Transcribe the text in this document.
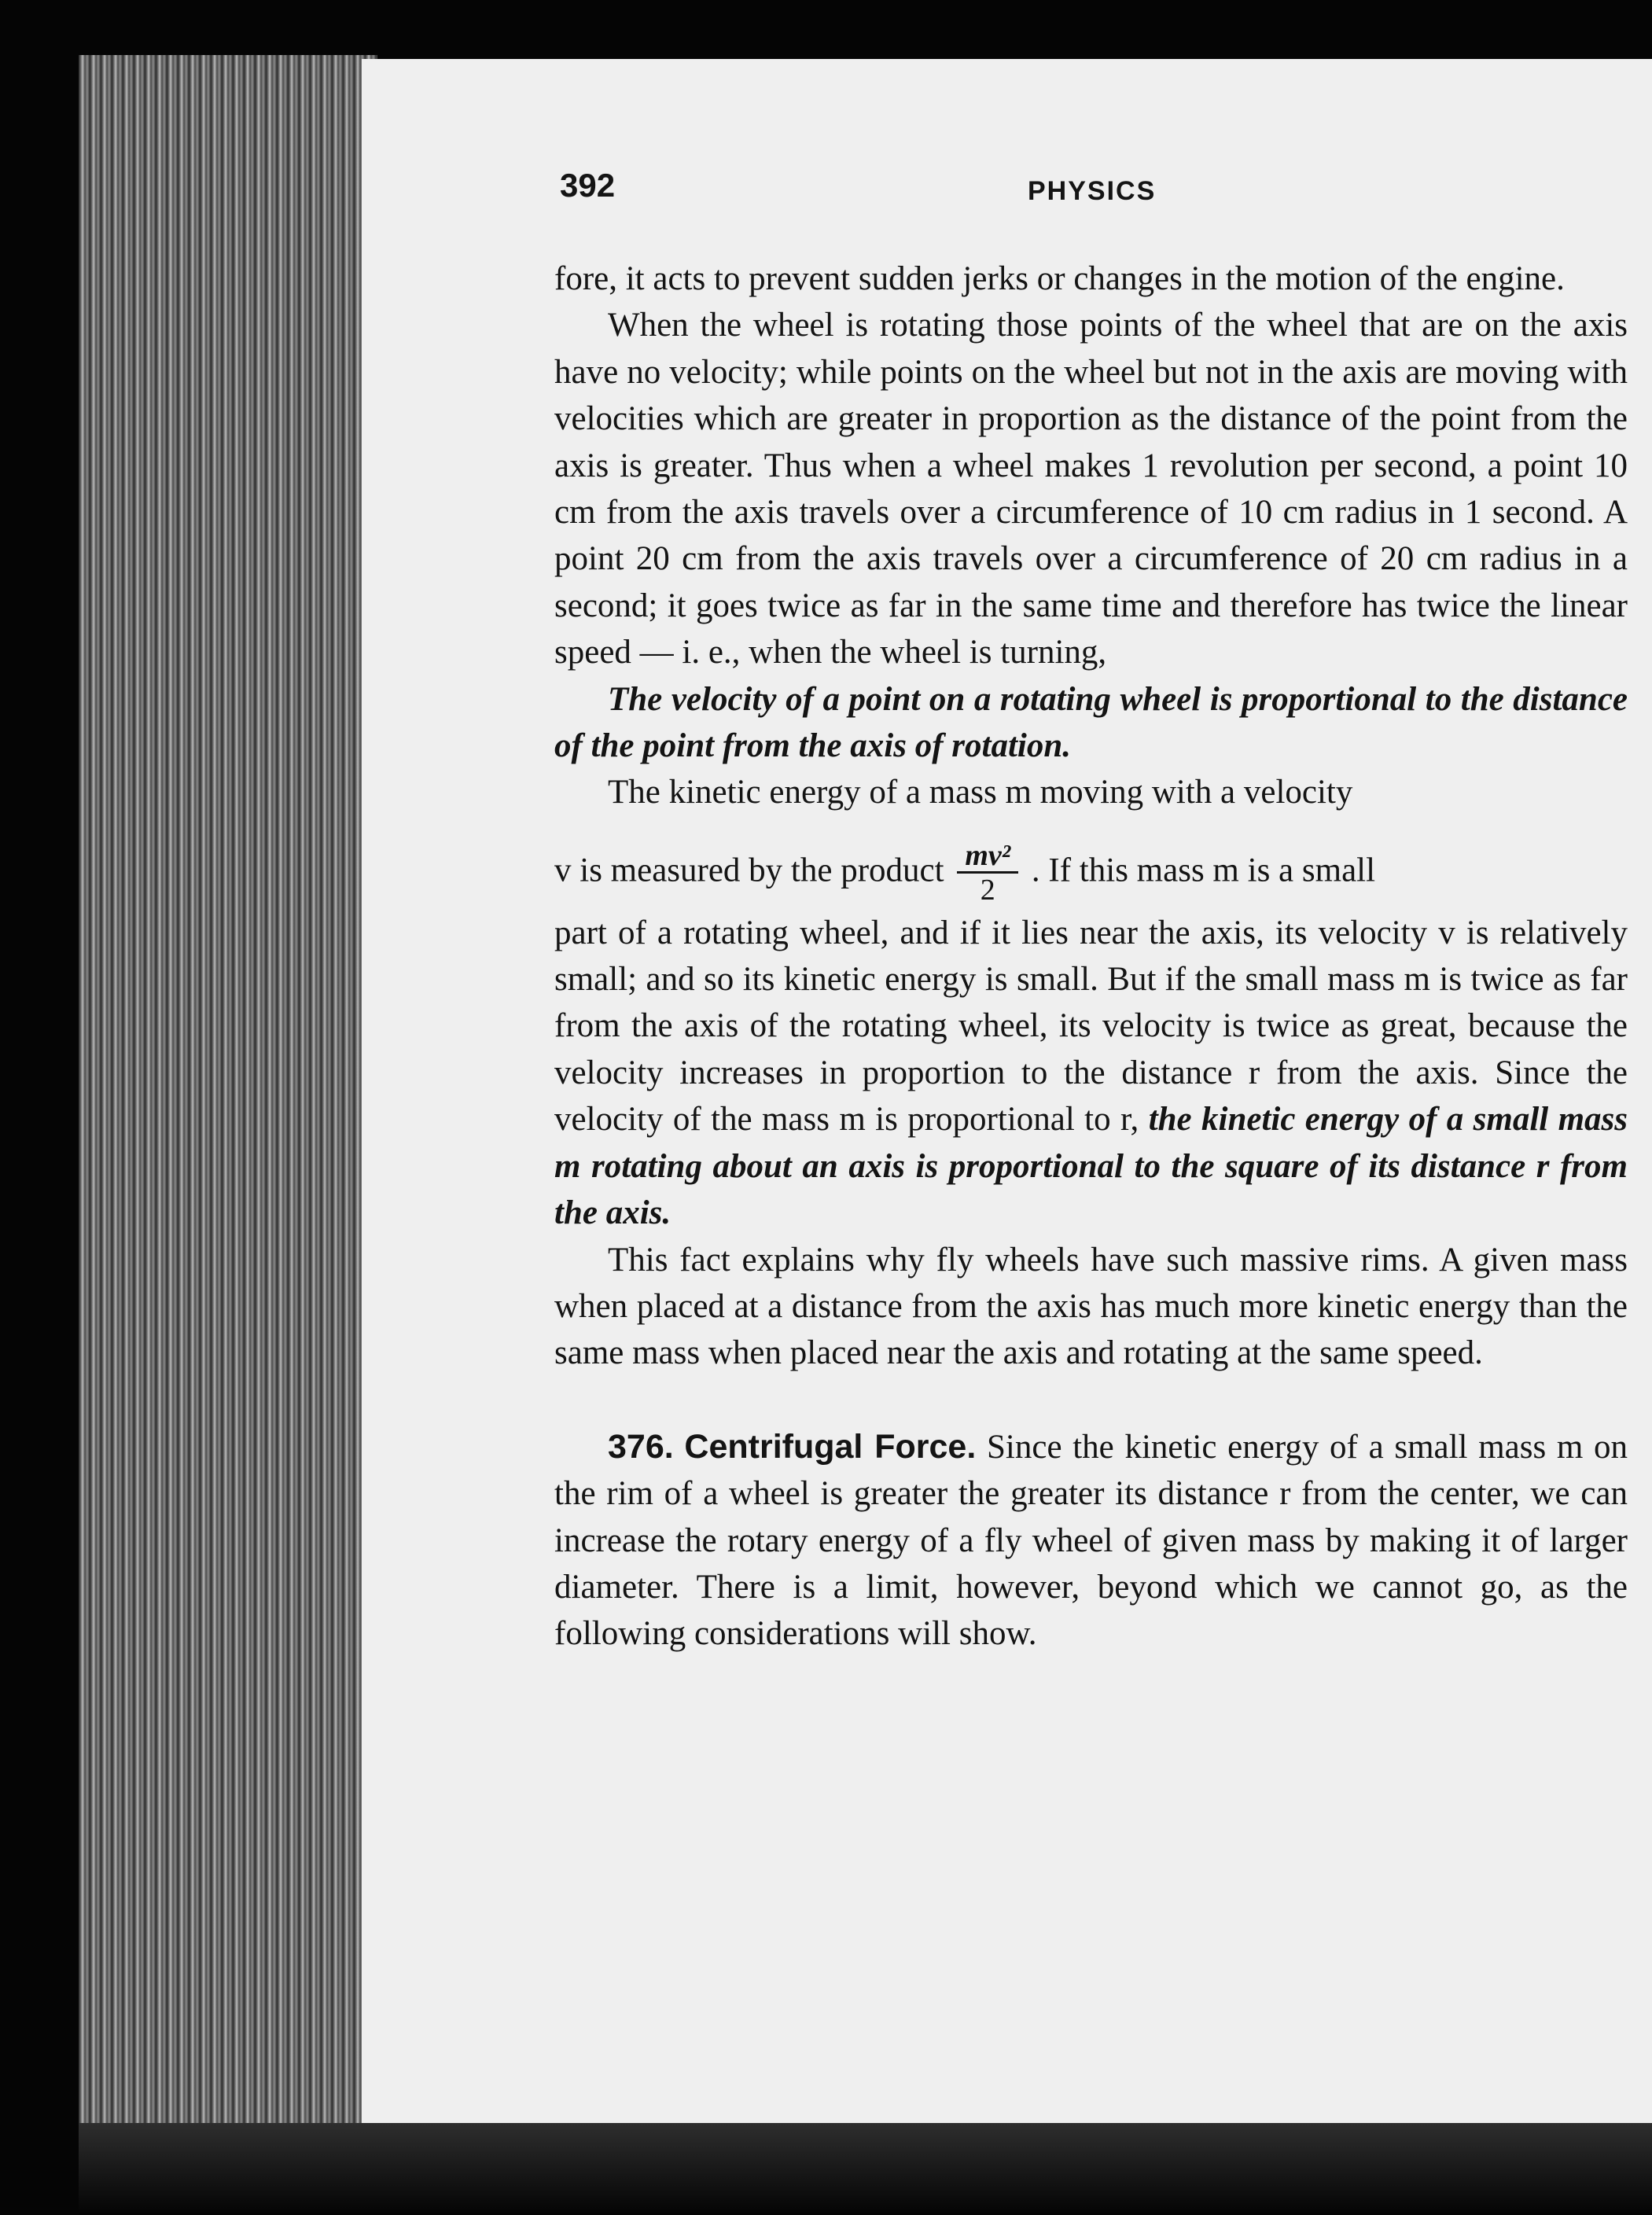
392	PHYSICS

fore, it acts to prevent sudden jerks or changes in the motion of the engine.

When the wheel is rotating those points of the wheel that are on the axis have no velocity; while points on the wheel but not in the axis are moving with velocities which are greater in proportion as the distance of the point from the axis is greater. Thus when a wheel makes 1 revolution per second, a point 10 cm from the axis travels over a circumference of 10 cm radius in 1 second. A point 20 cm from the axis travels over a circumference of 20 cm radius in a second; it goes twice as far in the same time and therefore has twice the linear speed — i. e., when the wheel is turning,

The velocity of a point on a rotating wheel is proportional to the distance of the point from the axis of rotation.

The kinetic energy of a mass m moving with a velocity

v is measured by the product $\frac{\text{mv²}}{2}$ . If this mass m is a small

part of a rotating wheel, and if it lies near the axis, its velocity v is relatively small; and so its kinetic energy is small. But if the small mass m is twice as far from the axis of the rotating wheel, its velocity is twice as great, because the velocity increases in proportion to the distance r from the axis. Since the velocity of the mass m is proportional to r, the kinetic energy of a small mass m rotating about an axis is proportional to the square of its distance r from the axis.

This fact explains why fly wheels have such massive rims. A given mass when placed at a distance from the axis has much more kinetic energy than the same mass when placed near the axis and rotating at the same speed.

376. Centrifugal Force. Since the kinetic energy of a small mass m on the rim of a wheel is greater the greater its distance r from the center, we can increase the rotary energy of a fly wheel of given mass by making it of larger diameter. There is a limit, however, beyond which we cannot go, as the following considerations will show.
